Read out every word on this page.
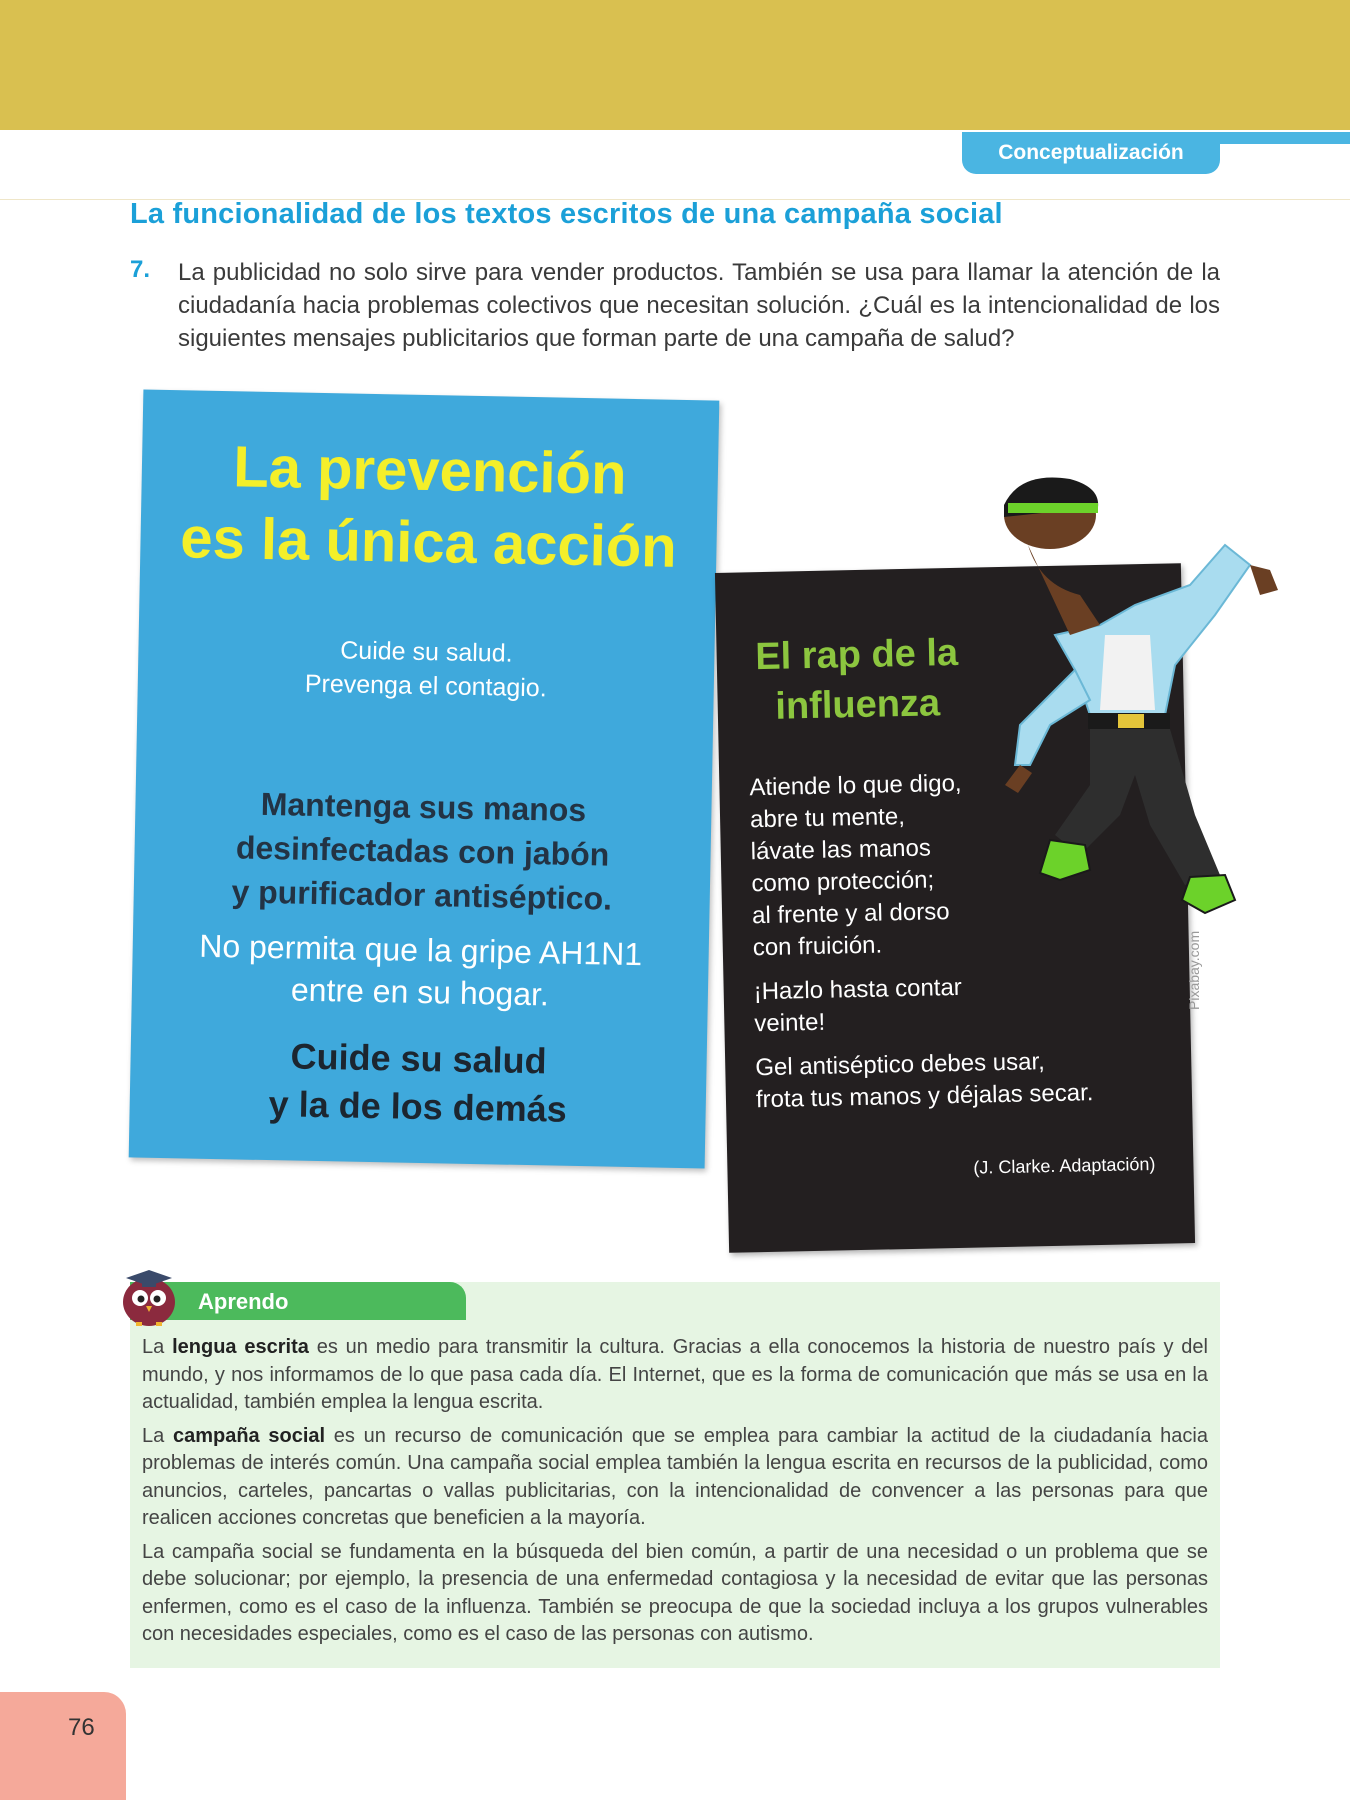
Conceptualización
La funcionalidad de los textos escritos de una campaña social
7. La publicidad no solo sirve para vender productos. También se usa para llamar la atención de la ciudadanía hacia problemas colectivos que necesitan solución. ¿Cuál es la intencionalidad de los siguientes mensajes publicitarios que forman parte de una campaña de salud?

La prevención
es la única acción
Cuide su salud.
Prevenga el contagio.
Mantenga sus manos
desinfectadas con jabón
y purificador antiséptico.
No permita que la gripe AH1N1
entre en su hogar.
Cuide su salud
y la de los demás
El rap de la
influenza

Atiende lo que digo,
abre tu mente,
lávate las manos
como protección;
al frente y al dorso
con fruición.

¡Hazlo hasta contar
veinte!

Gel antiséptico debes usar,
frota tus manos y déjalas secar.

(J. Clarke. Adaptación)
Pixabay.com
Aprendo

La lengua escrita es un medio para transmitir la cultura. Gracias a ella conocemos la historia de nuestro país y del mundo, y nos informamos de lo que pasa cada día. El Internet, que es la forma de comunicación que más se usa en la actualidad, también emplea la lengua escrita.

La campaña social es un recurso de comunicación que se emplea para cambiar la actitud de la ciudadanía hacia problemas de interés común. Una campaña social emplea también la lengua escrita en recursos de la publicidad, como anuncios, carteles, pancartas o vallas publicitarias, con la intencionalidad de convencer a las personas para que realicen acciones concretas que beneficien a la mayoría.

La campaña social se fundamenta en la búsqueda del bien común, a partir de una necesidad o un problema que se debe solucionar; por ejemplo, la presencia de una enfermedad contagiosa y la necesidad de evitar que las personas enfermen, como es el caso de la influenza. También se preocupa de que la sociedad incluya a los grupos vulnerables con necesidades especiales, como es el caso de las personas con autismo.

76
